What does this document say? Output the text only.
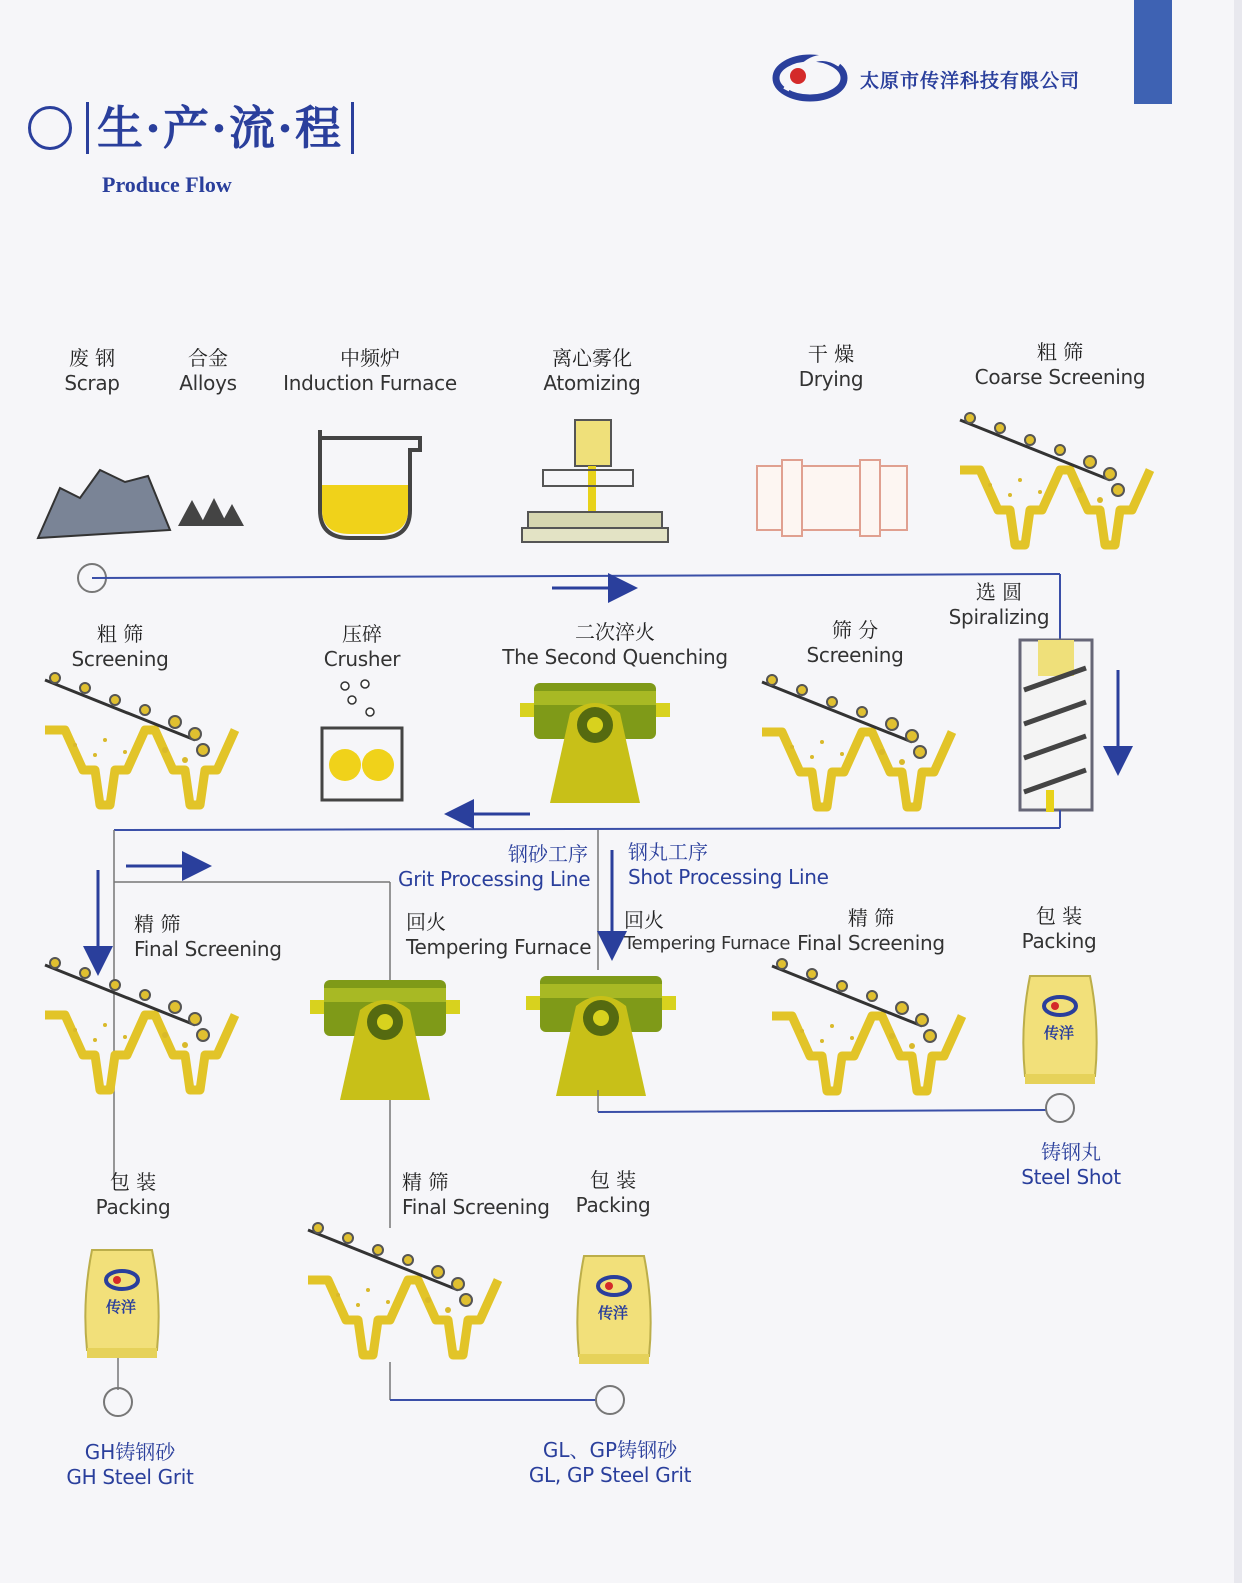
太原市传洋科技有限公司
生·产·流·程
Produce Flow
废 钢
Scrap
合金
Alloys
中频炉
Induction Furnace
离心雾化
Atomizing
干 燥
Drying
粗 筛
Coarse Screening
粗 筛
Screening
压碎
Crusher
二次淬火
The Second Quenching
筛 分
Screening
选 圆
Spiralizing
钢砂工序
Grit Processing Line
钢丸工序
Shot Processing Line
精 筛
Final Screening
回火
Tempering Furnace
回火
Tempering Furnace
精 筛
Final Screening
包 装
Packing
铸钢丸
Steel Shot
包 装
Packing
精 筛
Final Screening
包 装
Packing
GH铸钢砂
GH Steel Grit
GL、GP铸钢砂
GL, GP Steel Grit
传洋
传洋	传洋
